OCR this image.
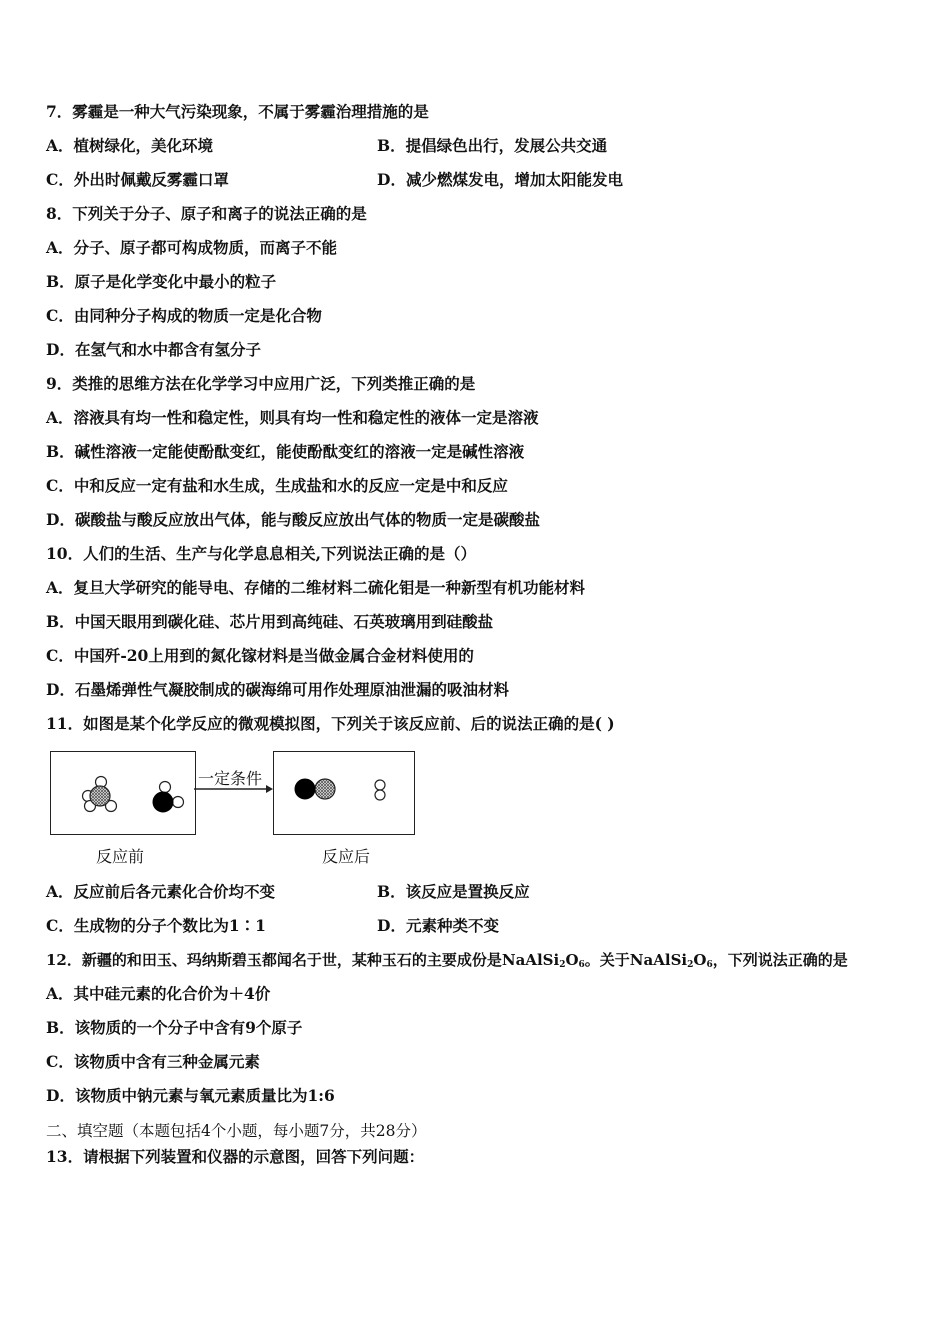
7．雾霾是一种大气污染现象，不属于雾霾治理措施的是
A．植树绿化，美化环境	B．提倡绿色出行，发展公共交通
C．外出时佩戴反雾霾口罩	D．减少燃煤发电，增加太阳能发电
8．下列关于分子、原子和离子的说法正确的是
A．分子、原子都可构成物质，而离子不能
B．原子是化学变化中最小的粒子
C．由同种分子构成的物质一定是化合物
D．在氢气和水中都含有氢分子
9．类推的思维方法在化学学习中应用广泛，下列类推正确的是
A．溶液具有均一性和稳定性，则具有均一性和稳定性的液体一定是溶液
B．碱性溶液一定能使酚酞变红，能使酚酞变红的溶液一定是碱性溶液
C．中和反应一定有盐和水生成，生成盐和水的反应一定是中和反应
D．碳酸盐与酸反应放出气体，能与酸反应放出气体的物质一定是碳酸盐
10．人们的生活、生产与化学息息相关,下列说法正确的是（）
A．复旦大学研究的能导电、存储的二维材料二硫化钼是一种新型有机功能材料
B．中国天眼用到碳化硅、芯片用到高纯硅、石英玻璃用到硅酸盐
C．中国歼-20上用到的氮化镓材料是当做金属合金材料使用的
D．石墨烯弹性气凝胶制成的碳海绵可用作处理原油泄漏的吸油材料
11．如图是某个化学反应的微观模拟图，下列关于该反应前、后的说法正确的是( )
一定条件
反应前	反应后
A．反应前后各元素化合价均不变	B．该反应是置换反应
C．生成物的分子个数比为1∶1	D．元素种类不变
12．新疆的和田玉、玛纳斯碧玉都闻名于世，某种玉石的主要成份是$NaAlSi_2O_6$。关于$NaAlSi_2O_6$，下列说法正确的是
A．其中硅元素的化合价为＋4价
B．该物质的一个分子中含有9个原子
C．该物质中含有三种金属元素
D．该物质中钠元素与氧元素质量比为1:6
二、填空题（本题包括4个小题，每小题7分，共28分）
13．请根据下列装置和仪器的示意图，回答下列问题：
